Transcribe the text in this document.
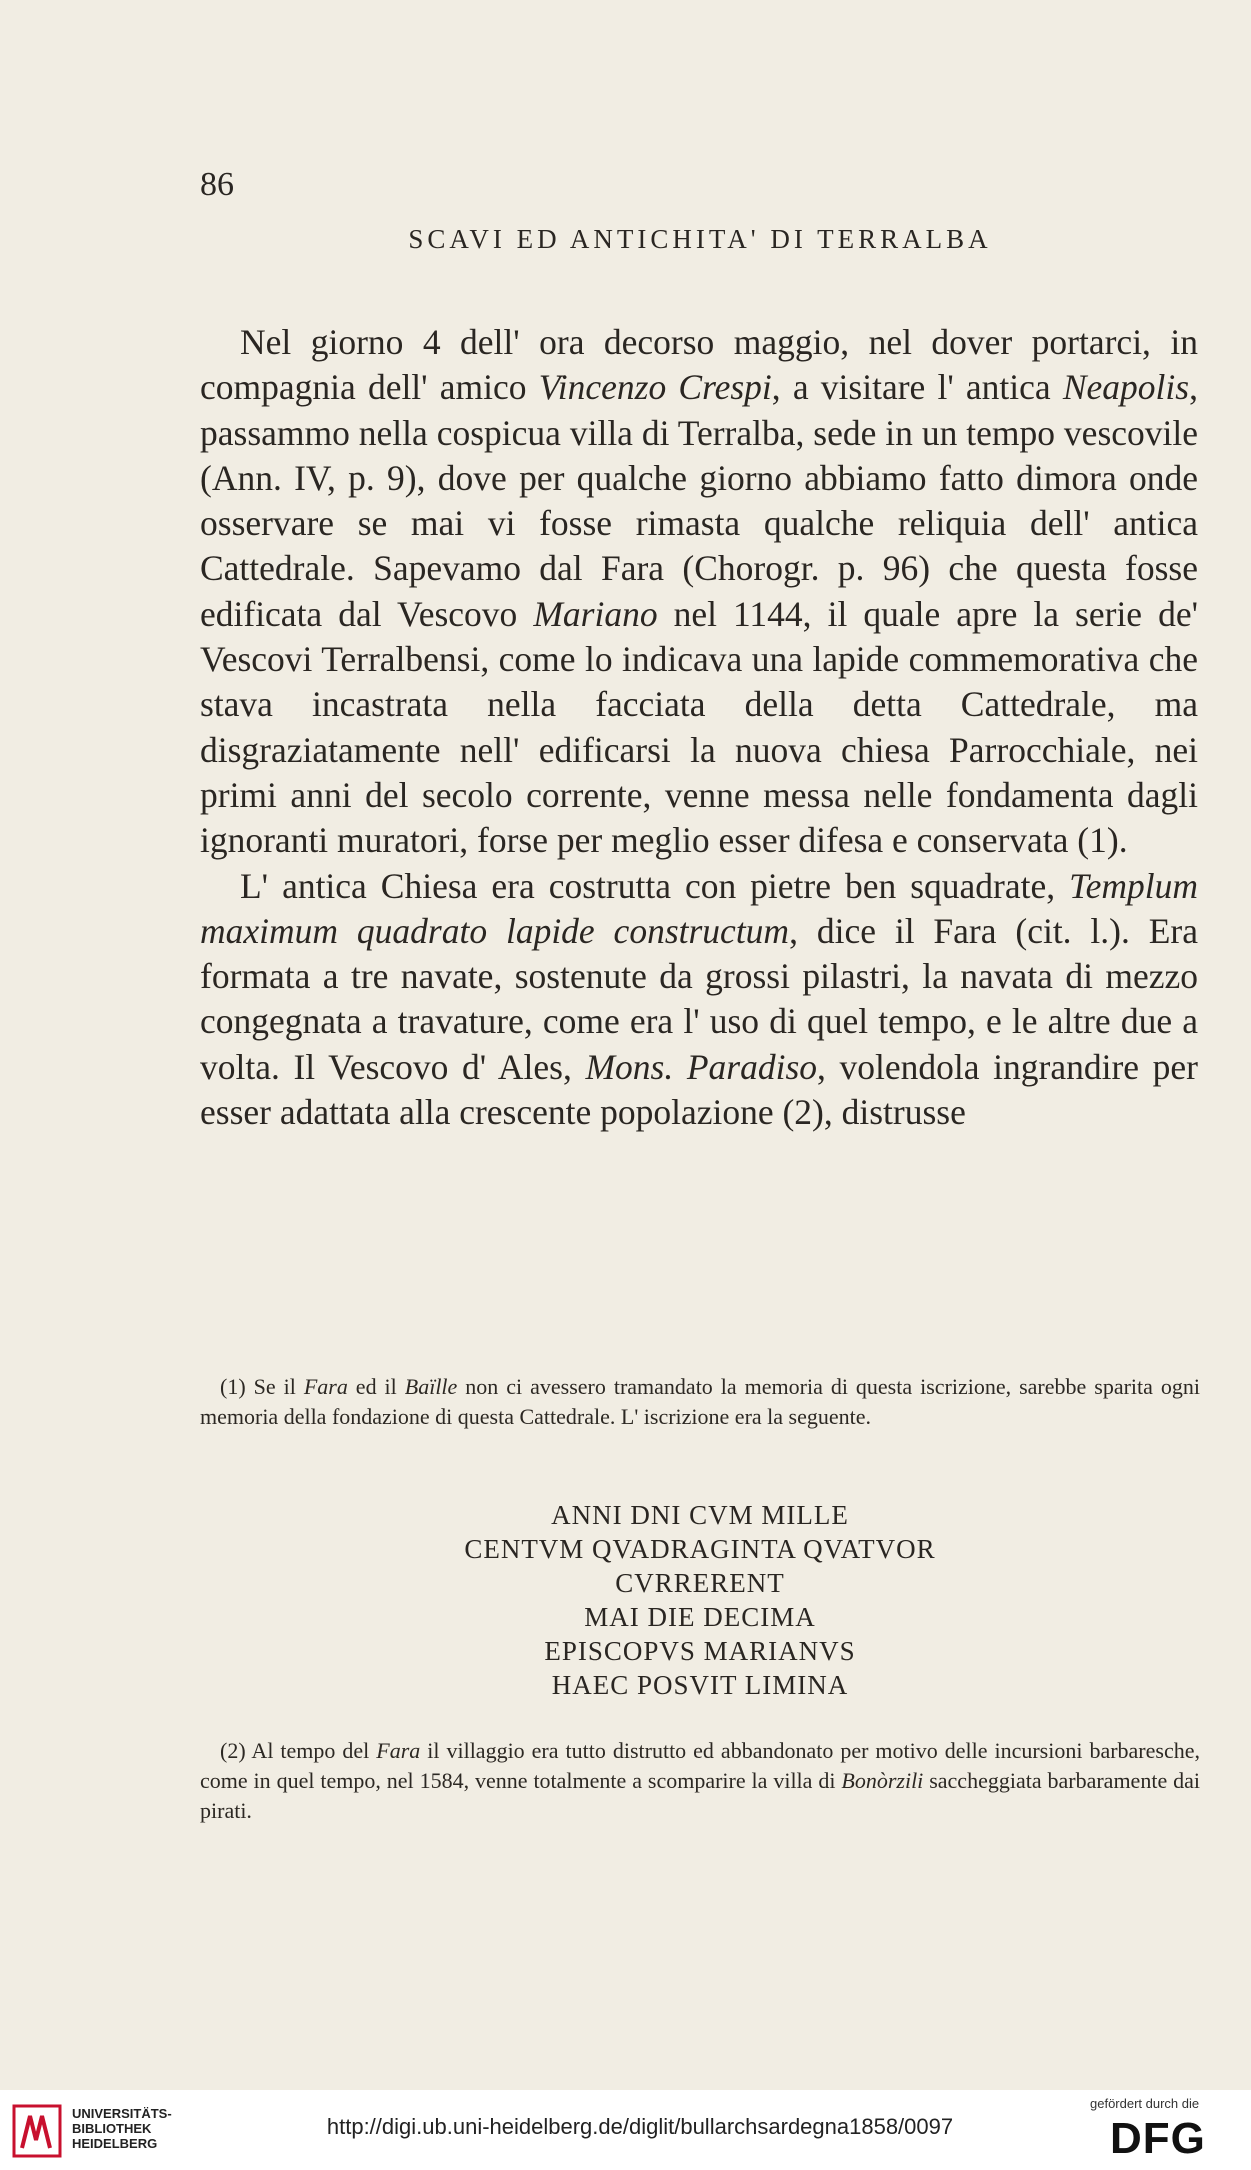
86
SCAVI ED ANTICHITA' DI TERRALBA

Nel giorno 4 dell' ora decorso maggio, nel dover portarci, in compagnia dell' amico Vincenzo Crespi, a visitare l' antica Neapolis, passammo nella cospicua villa di Terralba, sede in un tempo vescovile (Ann. IV, p. 9), dove per qualche giorno abbiamo fatto dimora onde osservare se mai vi fosse rimasta qualche reliquia dell' antica Cattedrale. Sapevamo dal Fara (Chorogr. p. 96) che questa fosse edificata dal Vescovo Mariano nel 1144, il quale apre la serie de' Vescovi Terralbensi, come lo indicava una lapide commemorativa che stava incastrata nella facciata della detta Cattedrale, ma disgraziatamente nell' edificarsi la nuova chiesa Parrocchiale, nei primi anni del secolo corrente, venne messa nelle fondamenta dagli ignoranti muratori, forse per meglio esser difesa e conservata (1).

L' antica Chiesa era costrutta con pietre ben squadrate, Templum maximum quadrato lapide constructum, dice il Fara (cit. l.). Era formata a tre navate, sostenute da grossi pilastri, la navata di mezzo congegnata a travature, come era l' uso di quel tempo, e le altre due a volta. Il Vescovo d' Ales, Mons. Paradiso, volendola ingrandire per esser adattata alla crescente popolazione (2), distrusse

(1) Se il Fara ed il Baïlle non ci avessero tramandato la memoria di questa iscrizione, sarebbe sparita ogni memoria della fondazione di questa Cattedrale. L' iscrizione era la seguente.
ANNI DNI CVM MILLE
CENTVM QVADRAGINTA QVATVOR
CVRRERENT
MAI DIE DECIMA
EPISCOPVS MARIANVS
HAEC POSVIT LIMINA
(2) Al tempo del Fara il villaggio era tutto distrutto ed abbandonato per motivo delle incursioni barbaresche, come in quel tempo, nel 1584, venne totalmente a scomparire la villa di Bonòrzili saccheggiata barbaramente dai pirati.
UNIVERSITÄTS-
BIBLIOTHEK
HEIDELBERG
http://digi.ub.uni-heidelberg.de/diglit/bullarchsardegna1858/0097
gefördert durch die
DFG
